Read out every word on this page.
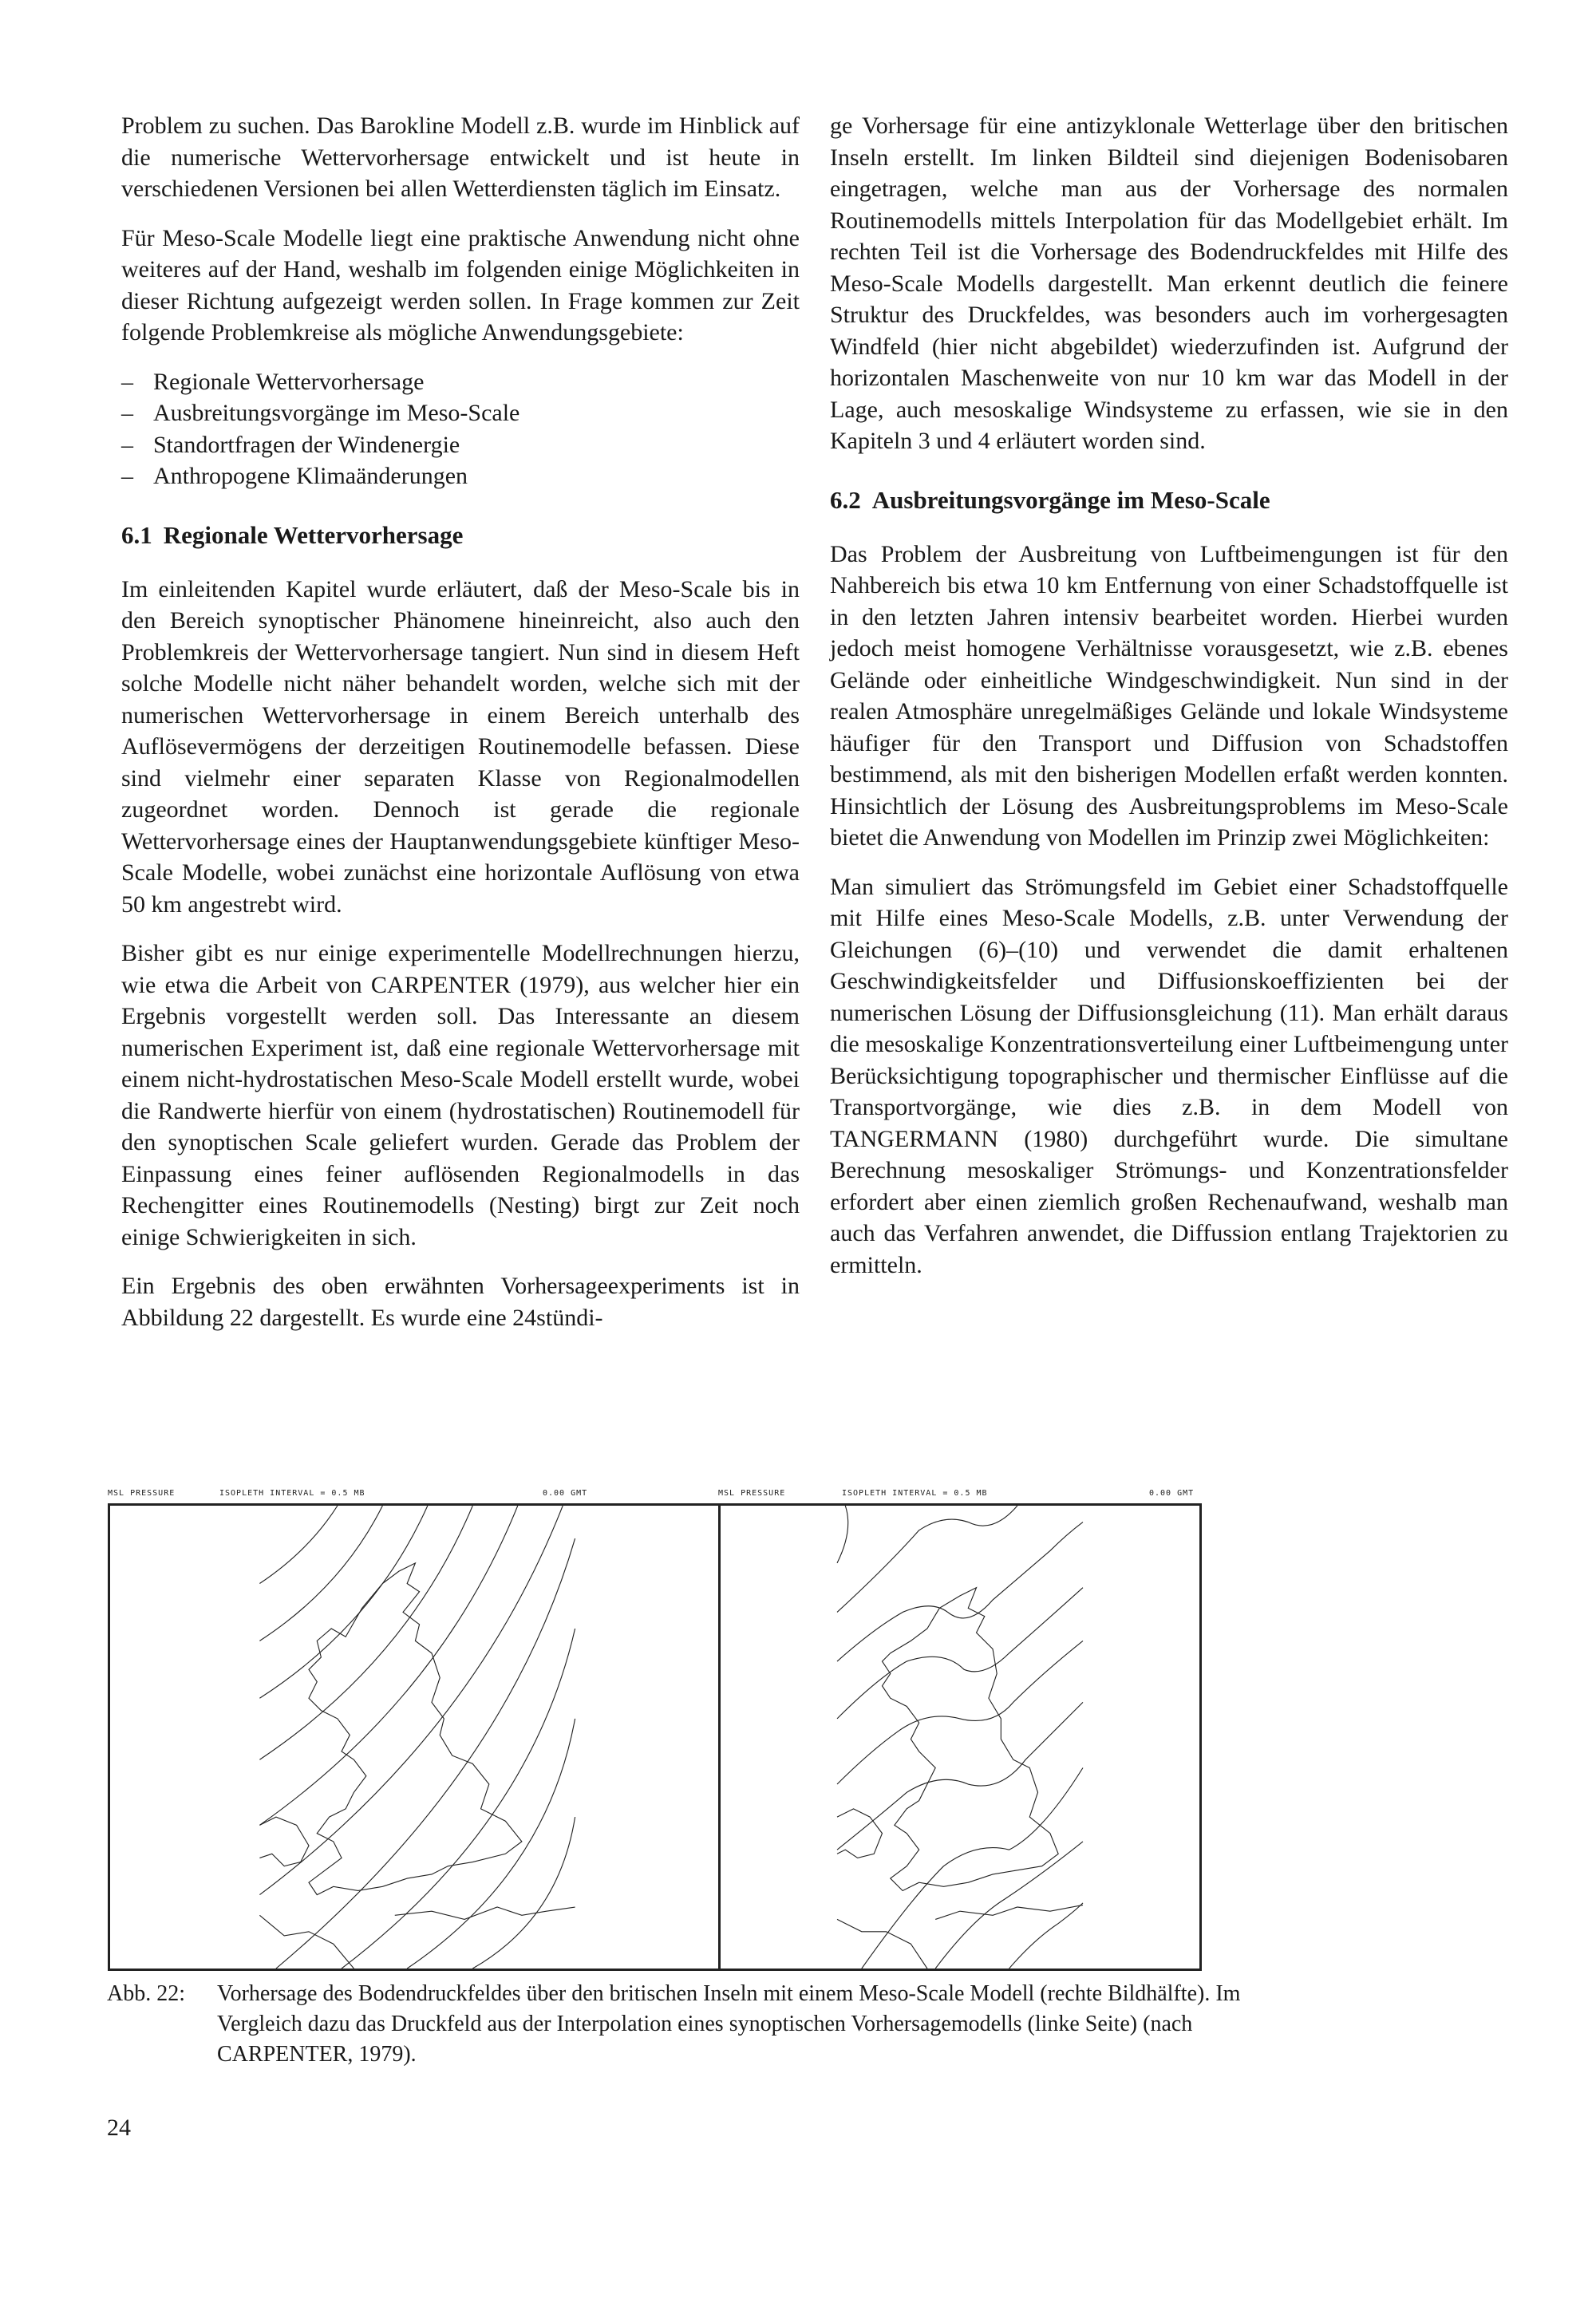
Problem zu suchen. Das Barokline Modell z.B. wurde im Hinblick auf die numerische Wettervorhersage entwickelt und ist heute in verschiedenen Versionen bei allen Wetterdiensten täglich im Einsatz.

Für Meso-Scale Modelle liegt eine praktische Anwendung nicht ohne weiteres auf der Hand, weshalb im folgenden einige Möglichkeiten in dieser Richtung aufgezeigt werden sollen. In Frage kommen zur Zeit folgende Problemkreise als mögliche Anwendungsgebiete:

– Regionale Wettervorhersage
– Ausbreitungsvorgänge im Meso-Scale
– Standortfragen der Windenergie
– Anthropogene Klimaänderungen
6.1 Regionale Wettervorhersage

Im einleitenden Kapitel wurde erläutert, daß der Meso-Scale bis in den Bereich synoptischer Phänomene hineinreicht, also auch den Problemkreis der Wettervorhersage tangiert. Nun sind in diesem Heft solche Modelle nicht näher behandelt worden, welche sich mit der numerischen Wettervorhersage in einem Bereich unterhalb des Auflösevermögens der derzeitigen Routinemodelle befassen. Diese sind vielmehr einer separaten Klasse von Regionalmodellen zugeordnet worden. Dennoch ist gerade die regionale Wettervorhersage eines der Hauptanwendungsgebiete künftiger Meso-Scale Modelle, wobei zunächst eine horizontale Auflösung von etwa 50 km angestrebt wird.

Bisher gibt es nur einige experimentelle Modellrechnungen hierzu, wie etwa die Arbeit von CARPENTER (1979), aus welcher hier ein Ergebnis vorgestellt werden soll. Das Interessante an diesem numerischen Experiment ist, daß eine regionale Wettervorhersage mit einem nicht-hydrostatischen Meso-Scale Modell erstellt wurde, wobei die Randwerte hierfür von einem (hydrostatischen) Routinemodell für den synoptischen Scale geliefert wurden. Gerade das Problem der Einpassung eines feiner auflösenden Regionalmodells in das Rechengitter eines Routinemodells (Nesting) birgt zur Zeit noch einige Schwierigkeiten in sich.

Ein Ergebnis des oben erwähnten Vorhersageexperiments ist in Abbildung 22 dargestellt. Es wurde eine 24stündi-

ge Vorhersage für eine antizyklonale Wetterlage über den britischen Inseln erstellt. Im linken Bildteil sind diejenigen Bodenisobaren eingetragen, welche man aus der Vorhersage des normalen Routinemodells mittels Interpolation für das Modellgebiet erhält. Im rechten Teil ist die Vorhersage des Bodendruckfeldes mit Hilfe des Meso-Scale Modells dargestellt. Man erkennt deutlich die feinere Struktur des Druckfeldes, was besonders auch im vorhergesagten Windfeld (hier nicht abgebildet) wiederzufinden ist. Aufgrund der horizontalen Maschenweite von nur 10 km war das Modell in der Lage, auch mesoskalige Windsysteme zu erfassen, wie sie in den Kapiteln 3 und 4 erläutert worden sind.

6.2 Ausbreitungsvorgänge im Meso-Scale

Das Problem der Ausbreitung von Luftbeimengungen ist für den Nahbereich bis etwa 10 km Entfernung von einer Schadstoffquelle ist in den letzten Jahren intensiv bearbeitet worden. Hierbei wurden jedoch meist homogene Verhältnisse vorausgesetzt, wie z.B. ebenes Gelände oder einheitliche Windgeschwindigkeit. Nun sind in der realen Atmosphäre unregelmäßiges Gelände und lokale Windsysteme häufiger für den Transport und Diffusion von Schadstoffen bestimmend, als mit den bisherigen Modellen erfaßt werden konnten. Hinsichtlich der Lösung des Ausbreitungsproblems im Meso-Scale bietet die Anwendung von Modellen im Prinzip zwei Möglichkeiten:

Man simuliert das Strömungsfeld im Gebiet einer Schadstoffquelle mit Hilfe eines Meso-Scale Modells, z.B. unter Verwendung der Gleichungen (6)–(10) und verwendet die damit erhaltenen Geschwindigkeitsfelder und Diffusionskoeffizienten bei der numerischen Lösung der Diffusionsgleichung (11). Man erhält daraus die mesoskalige Konzentrationsverteilung einer Luftbeimengung unter Berücksichtigung topographischer und thermischer Einflüsse auf die Transportvorgänge, wie dies z.B. in dem Modell von TANGERMANN (1980) durchgeführt wurde. Die simultane Berechnung mesoskaliger Strömungs- und Konzentrationsfelder erfordert aber einen ziemlich großen Rechenaufwand, weshalb man auch das Verfahren anwendet, die Diffussion entlang Trajektorien zu ermitteln.

MSL PRESSURE	ISOPLETH INTERVAL = 0.5 MB	0.00 GMT	MSL PRESSURE	ISOPLETH INTERVAL = 0.5 MB	0.00 GMT
Abb. 22: Vorhersage des Bodendruckfeldes über den britischen Inseln mit einem Meso-Scale Modell (rechte Bildhälfte). Im Vergleich dazu das Druckfeld aus der Interpolation eines synoptischen Vorhersagemodells (linke Seite) (nach CARPENTER, 1979).
24
